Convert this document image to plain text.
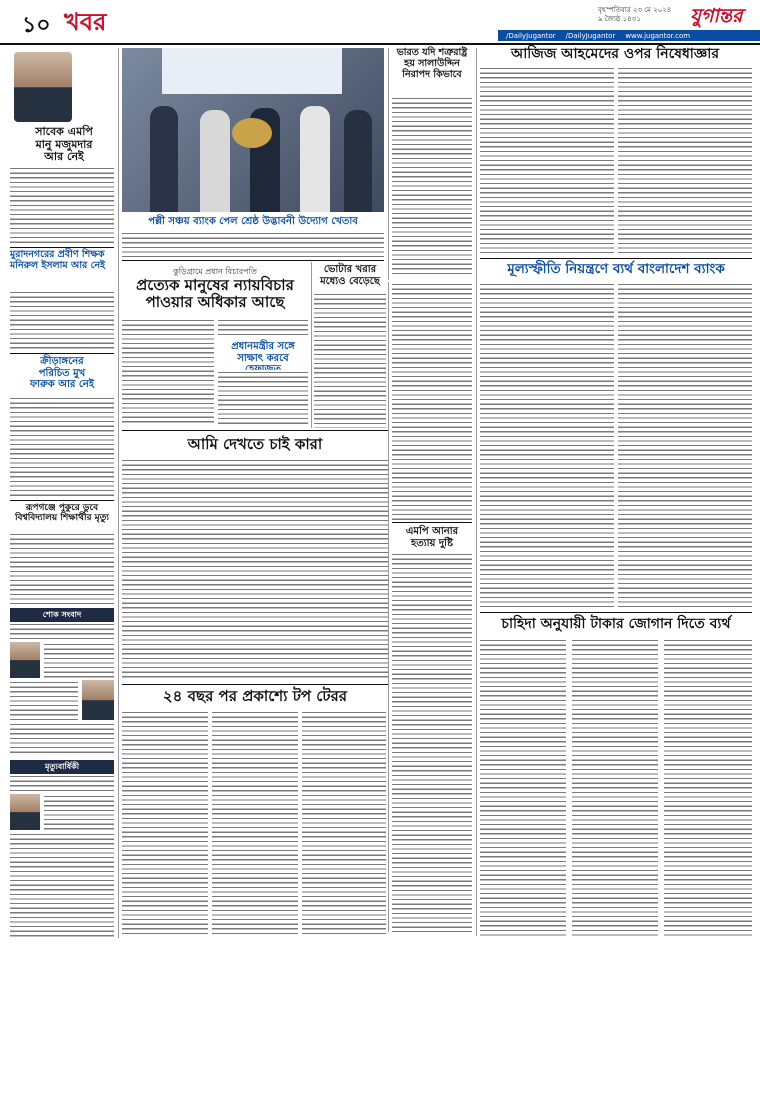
১০ খবর	বৃহস্পতিবার ২৩ মে ২০২৪
৯ জ্যৈষ্ঠ ১৪৩১	যুগান্তর
/DailyJugantor /DailyJugantor www.jugantor.com
সাবেক এমপি
মানু মজুমদার
আর নেই
মুরাদনগরের প্রবীণ শিক্ষক মনিরুল ইসলাম আর নেই
ক্রীড়াঙ্গনের
পরিচিত মুখ
ফারুক আর নেই
রূপগঞ্জে পুকুরে ডুবে বিশ্ববিদ্যালয় শিক্ষার্থীর মৃত্যু
শোক সংবাদ
মৃত্যুবার্ষিকী
পল্লী সঞ্চয় ব্যাংক পেল শ্রেষ্ঠ উদ্ভাবনী উদ্যোগ খেতাব
ভারত যদি শত্রুরাষ্ট্র হয় সালাউদ্দিন নিরাপদ কিভাবে
কুড়িগ্রামে প্রধান বিচারপতি
প্রত্যেক মানুষের ন্যায়বিচার পাওয়ার অধিকার আছে
প্রধানমন্ত্রীর সঙ্গে সাক্ষাৎ করবে
ভোটার খরার
মধ্যেও বেড়েছে
আমি দেখতে চাই কারা
এমপি আনার
হত্যায় দুষ্টি
২৪ বছর পর প্রকাশ্যে টপ টেরর
আজিজ আহমেদের ওপর নিষেধাজ্ঞার
মূল্যস্ফীতি নিয়ন্ত্রণে ব্যর্থ বাংলাদেশ ব্যাংক
চাহিদা অনুযায়ী টাকার জোগান দিতে ব্যর্থ
